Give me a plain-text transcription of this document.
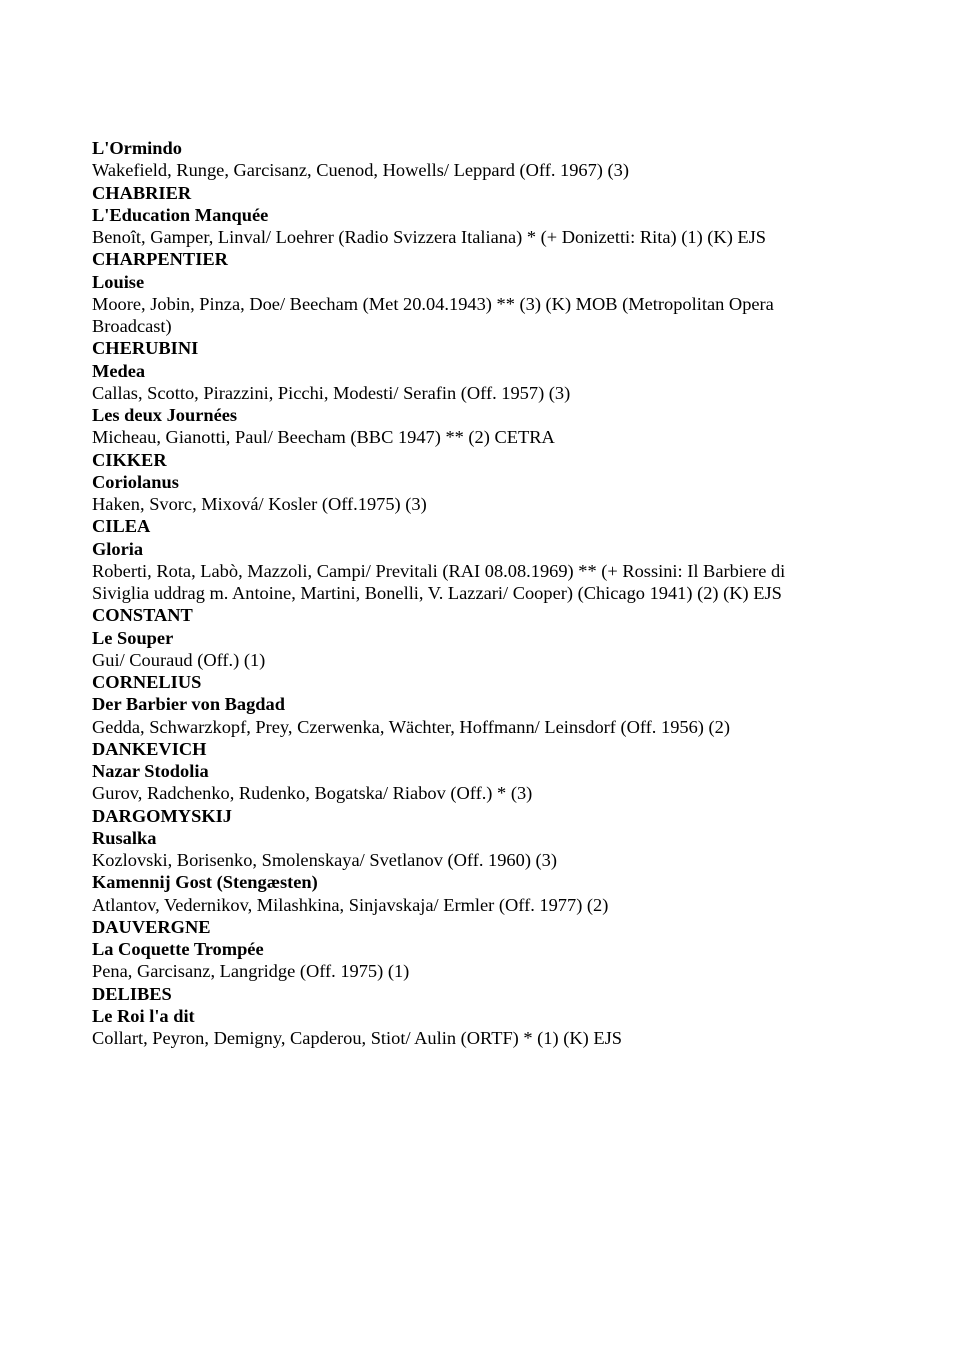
L'Ormindo

Wakefield, Runge, Garcisanz, Cuenod, Howells/ Leppard (Off. 1967) (3)

CHABRIER

L'Education Manquée

Benoît, Gamper, Linval/ Loehrer (Radio Svizzera Italiana) * (+ Donizetti: Rita) (1) (K) EJS

CHARPENTIER

Louise

Moore, Jobin, Pinza, Doe/ Beecham (Met 20.04.1943) ** (3) (K) MOB (Metropolitan Opera Broadcast)

CHERUBINI

Medea

Callas, Scotto, Pirazzini, Picchi, Modesti/ Serafin (Off. 1957) (3)

Les deux Journées

Micheau, Gianotti, Paul/ Beecham (BBC 1947) ** (2) CETRA

CIKKER

Coriolanus

Haken, Svorc, Mixová/ Kosler (Off.1975) (3)

CILEA

Gloria

Roberti, Rota, Labò, Mazzoli, Campi/ Previtali (RAI 08.08.1969) ** (+ Rossini: Il Barbiere di Siviglia uddrag m. Antoine, Martini, Bonelli, V. Lazzari/ Cooper) (Chicago 1941) (2) (K) EJS

CONSTANT

Le Souper

Gui/ Couraud (Off.) (1)

CORNELIUS

Der Barbier von Bagdad

Gedda, Schwarzkopf, Prey, Czerwenka, Wächter, Hoffmann/ Leinsdorf (Off. 1956) (2)

DANKEVICH

Nazar Stodolia

Gurov, Radchenko, Rudenko, Bogatska/ Riabov (Off.) * (3)

DARGOMYSKIJ

Rusalka

Kozlovski, Borisenko, Smolenskaya/ Svetlanov (Off. 1960) (3)

Kamennij Gost (Stengæsten)

Atlantov, Vedernikov, Milashkina, Sinjavskaja/ Ermler (Off. 1977) (2)

DAUVERGNE

La Coquette Trompée

Pena, Garcisanz, Langridge (Off. 1975) (1)

DELIBES

Le Roi l'a dit

Collart, Peyron, Demigny, Capderou, Stiot/ Aulin (ORTF) * (1) (K) EJS
